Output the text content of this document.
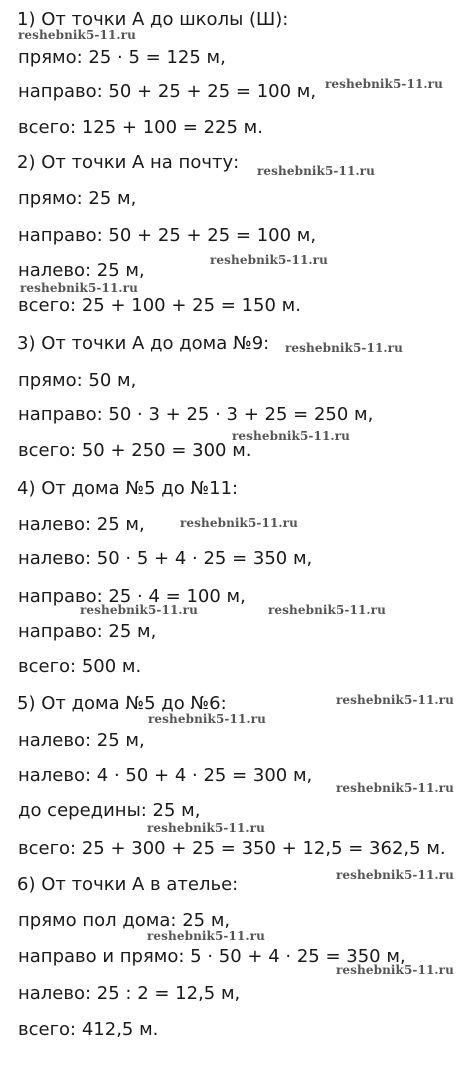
1) От точки A до школы (Ш):
прямо: 25 · 5 = 125 м,
направо: 50 + 25 + 25 = 100 м,
всего: 125 + 100 = 225 м.
2) От точки A на почту:
прямо: 25 м,
направо: 50 + 25 + 25 = 100 м,
налево: 25 м,
всего: 25 + 100 + 25 = 150 м.
3) От точки A до дома №9:
прямо: 50 м,
направо: 50 · 3 + 25 · 3 + 25 = 250 м,
всего: 50 + 250 = 300 м.
4) От дома №5 до №11:
налево: 25 м,
налево: 50 · 5 + 4 · 25 = 350 м,
направо: 25 · 4 = 100 м,
направо: 25 м,
всего: 500 м.
5) От дома №5 до №6:
налево: 25 м,
налево: 4 · 50 + 4 · 25 = 300 м,
до середины: 25 м,
всего: 25 + 300 + 25 = 350 + 12,5 = 362,5 м.
6) От точки A в ателье:
прямо пол дома: 25 м,
направо и прямо: 5 · 50 + 4 · 25 = 350 м,
налево: 25 : 2 = 12,5 м,
всего: 412,5 м.
reshebnik5-11.ru
reshebnik5-11.ru
reshebnik5-11.ru
reshebnik5-11.ru
reshebnik5-11.ru
reshebnik5-11.ru
reshebnik5-11.ru
reshebnik5-11.ru
reshebnik5-11.ru	reshebnik5-11.ru
reshebnik5-11.ru
reshebnik5-11.ru
reshebnik5-11.ru
reshebnik5-11.ru
reshebnik5-11.ru
reshebnik5-11.ru
reshebnik5-11.ru
